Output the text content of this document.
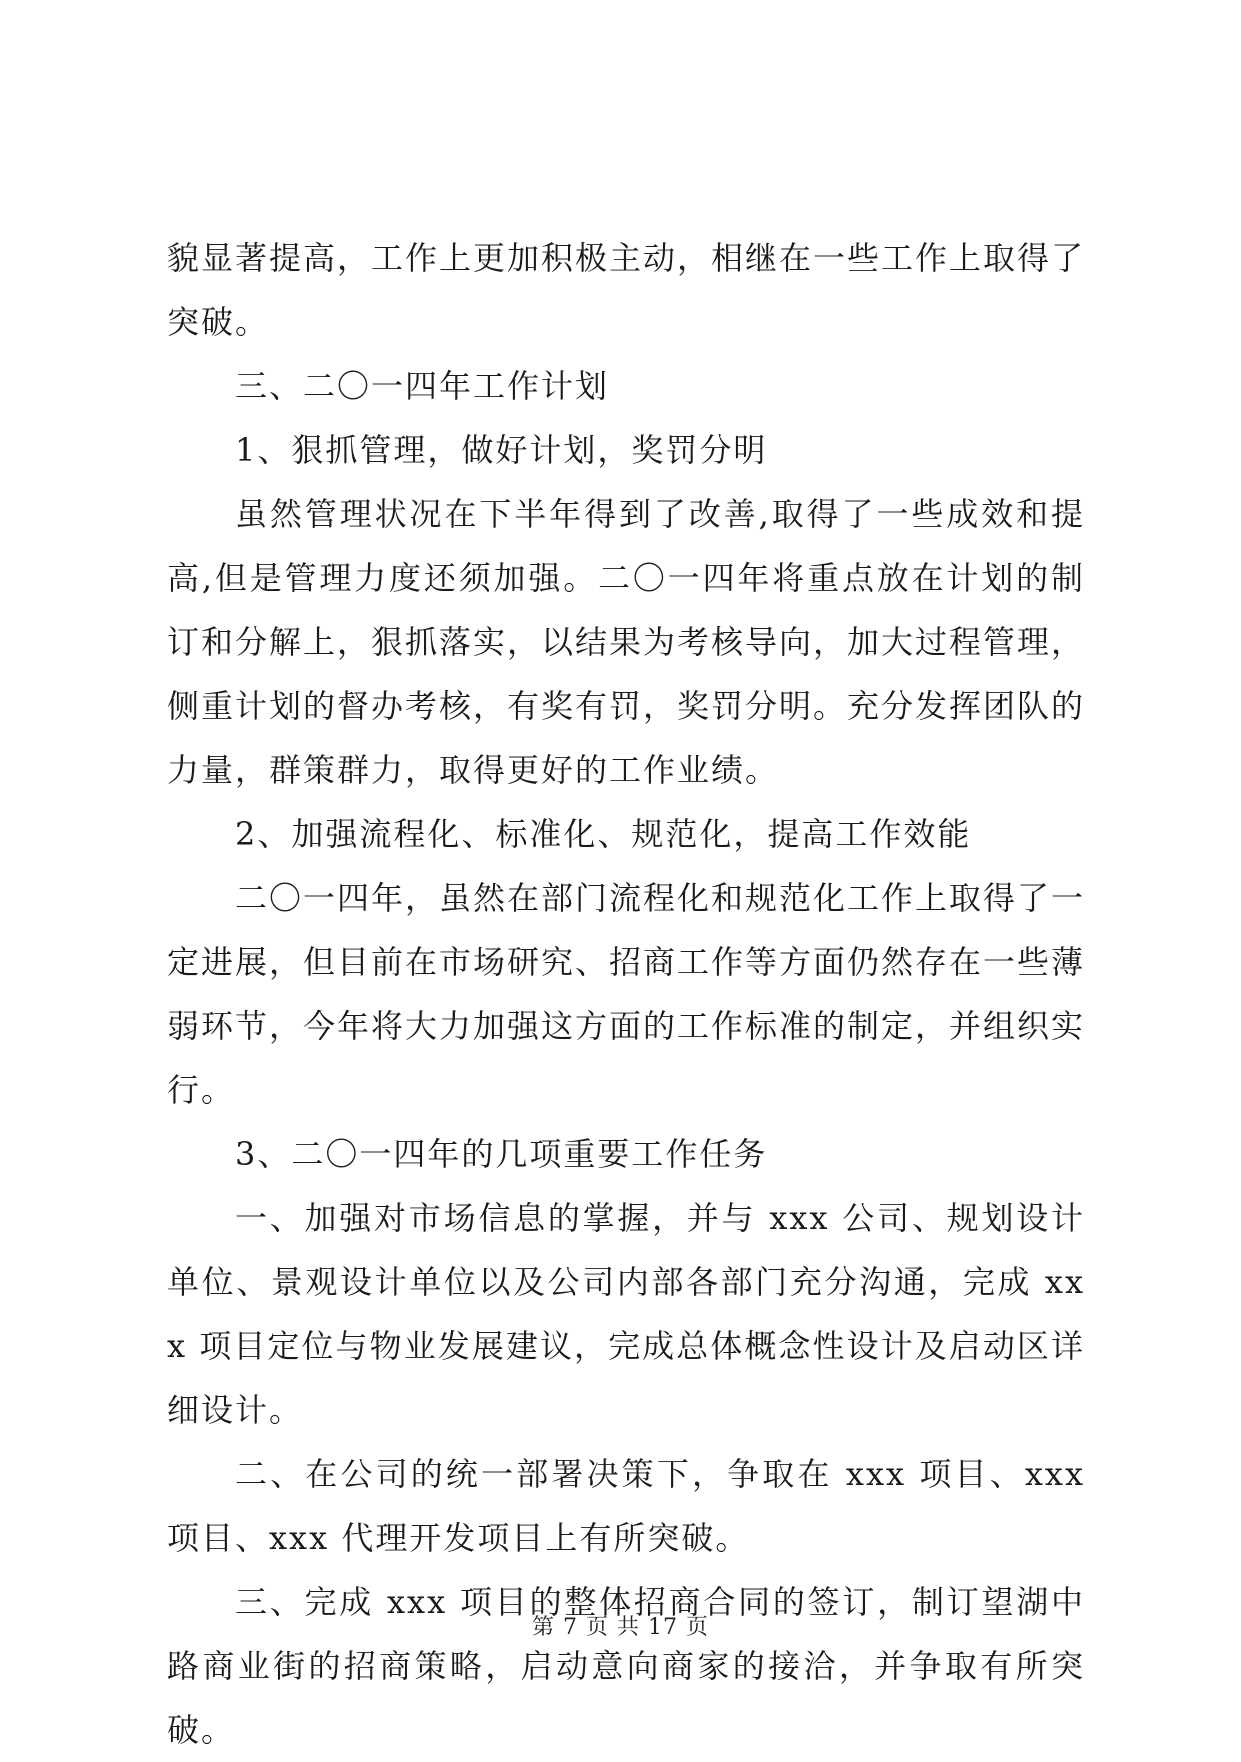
貌显著提高，工作上更加积极主动，相继在一些工作上取得了突破。

三、二〇一四年工作计划

1、狠抓管理，做好计划，奖罚分明

虽然管理状况在下半年得到了改善,取得了一些成效和提高,但是管理力度还须加强。二〇一四年将重点放在计划的制订和分解上，狠抓落实，以结果为考核导向，加大过程管理，侧重计划的督办考核，有奖有罚，奖罚分明。充分发挥团队的力量，群策群力，取得更好的工作业绩。

2、加强流程化、标准化、规范化，提高工作效能

二〇一四年，虽然在部门流程化和规范化工作上取得了一定进展，但目前在市场研究、招商工作等方面仍然存在一些薄弱环节，今年将大力加强这方面的工作标准的制定，并组织实行。

3、二〇一四年的几项重要工作任务

一、加强对市场信息的掌握，并与 xxx 公司、规划设计单位、景观设计单位以及公司内部各部门充分沟通，完成 xxx 项目定位与物业发展建议，完成总体概念性设计及启动区详细设计。

二、在公司的统一部署决策下，争取在 xxx 项目、xxx 项目、xxx 代理开发项目上有所突破。

三、完成 xxx 项目的整体招商合同的签订，制订望湖中路商业街的招商策略，启动意向商家的接洽，并争取有所突破。

第 7 页 共 17 页
